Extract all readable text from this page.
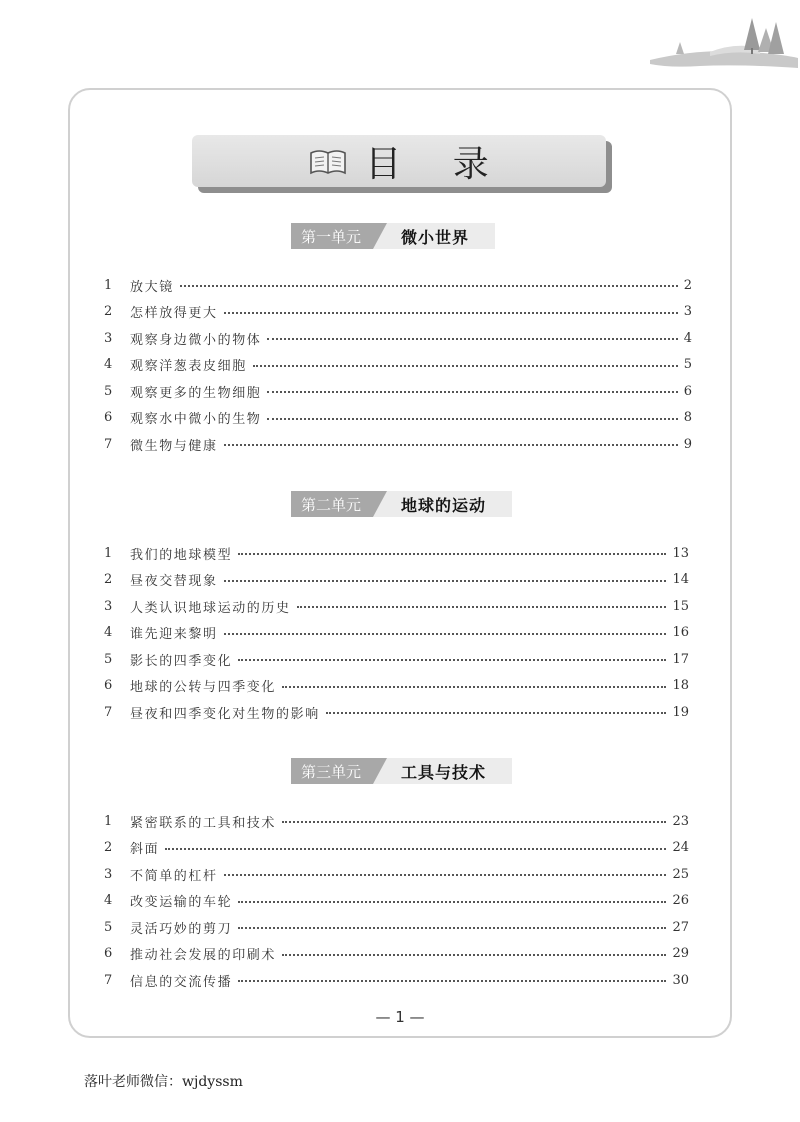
目 录
第一单元	微小世界
1	放大镜	2
2	怎样放得更大	3
3	观察身边微小的物体	4
4	观察洋葱表皮细胞	5
5	观察更多的生物细胞	6
6	观察水中微小的生物	8
7	微生物与健康	9
第二单元	地球的运动
1	我们的地球模型	13
2	昼夜交替现象	14
3	人类认识地球运动的历史	15
4	谁先迎来黎明	16
5	影长的四季变化	17
6	地球的公转与四季变化	18
7	昼夜和四季变化对生物的影响	19
第三单元	工具与技术
1	紧密联系的工具和技术	23
2	斜面	24
3	不简单的杠杆	25
4	改变运输的车轮	26
5	灵活巧妙的剪刀	27
6	推动社会发展的印刷术	29
7	信息的交流传播	30
— 1 —
落叶老师微信：wjdyssm
